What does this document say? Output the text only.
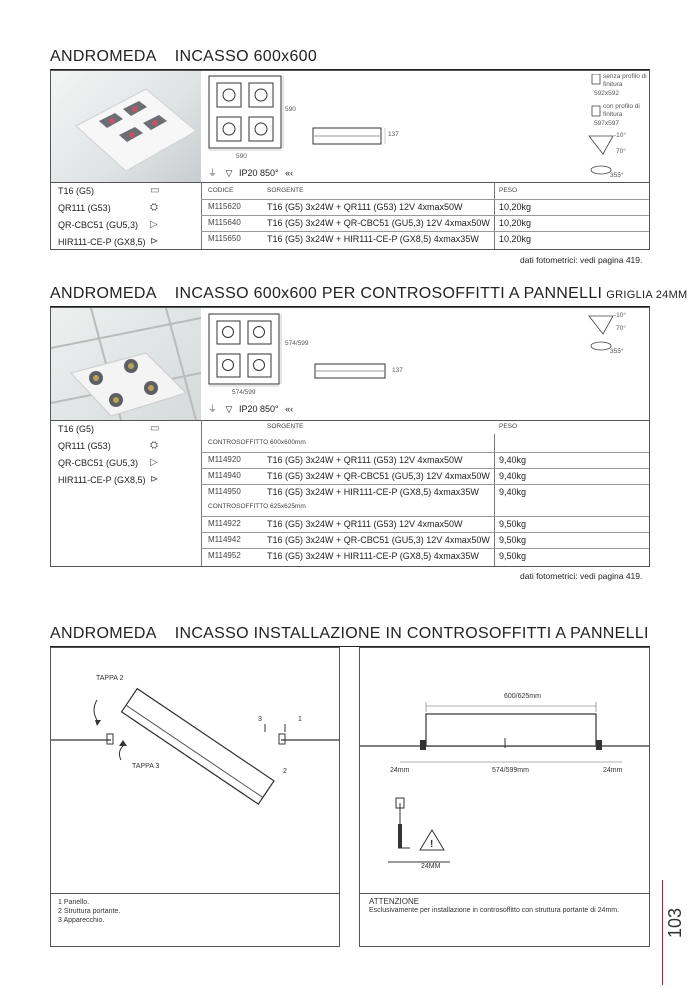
ANDROMEDA INCASSO 600x600
590
590
137
senza profilo di finitura
592x592
con profilo di finitura
597x597
-10°
70°
355°
⏚ ▽ IP20 850° «‹
T16 (G5)	▭
QR111 (G53)	⛭
QR-CBC51 (GU5,3) ▷
HIR111-CE-P (GX8,5) ⊳
CODICE	SORGENTE	PESO
M115620	T16 (G5) 3x24W + QR111 (G53) 12V 4xmax50W	10,20kg
M115640	T16 (G5) 3x24W + QR-CBC51 (GU5,3) 12V 4xmax50W 10,20kg
M115650	T16 (G5) 3x24W + HIR111-CE-P (GX8,5) 4xmax35W 10,20kg
dati fotometrici: vedi pagina 419.
ANDROMEDA INCASSO 600x600 PER CONTROSOFFITTI A PANNELLI GRIGLIA 24MM
574/599
574/599
137
-10°
70°
355°
⏚ ▽ IP20 850° «‹
T16 (G5)	▭
QR111 (G53)	⛭
QR-CBC51 (GU5,3) ▷
HIR111-CE-P (GX8,5) ⊳
SORGENTE	PESO
CONTROSOFFITTO 600x600mm
M114920	T16 (G5) 3x24W + QR111 (G53) 12V 4xmax50W	9,40kg
M114940	T16 (G5) 3x24W + QR-CBC51 (GU5,3) 12V 4xmax50W 9,40kg
M114950	T16 (G5) 3x24W + HIR111-CE-P (GX8,5) 4xmax35W 9,40kg
CONTROSOFFITTO 625x625mm
M114922	T16 (G5) 3x24W + QR111 (G53) 12V 4xmax50W	9,50kg
M114942	T16 (G5) 3x24W + QR-CBC51 (GU5,3) 12V 4xmax50W 9,50kg
M114952	T16 (G5) 3x24W + HIR111-CE-P (GX8,5) 4xmax35W 9,50kg
dati fotometrici: vedi pagina 419.
ANDROMEDA INCASSO INSTALLAZIONE IN CONTROSOFFITTI A PANNELLI
TAPPA 2
TAPPA 3
3	1
2
1 Panello.
2 Struttura portante.
3 Apparecchio.
!
600/625mm
574/599mm
24mm	24mm
24MM
ATTENZIONE
Esclusivamente per installazione in controsoffitto con struttura portante di 24mm.	103
